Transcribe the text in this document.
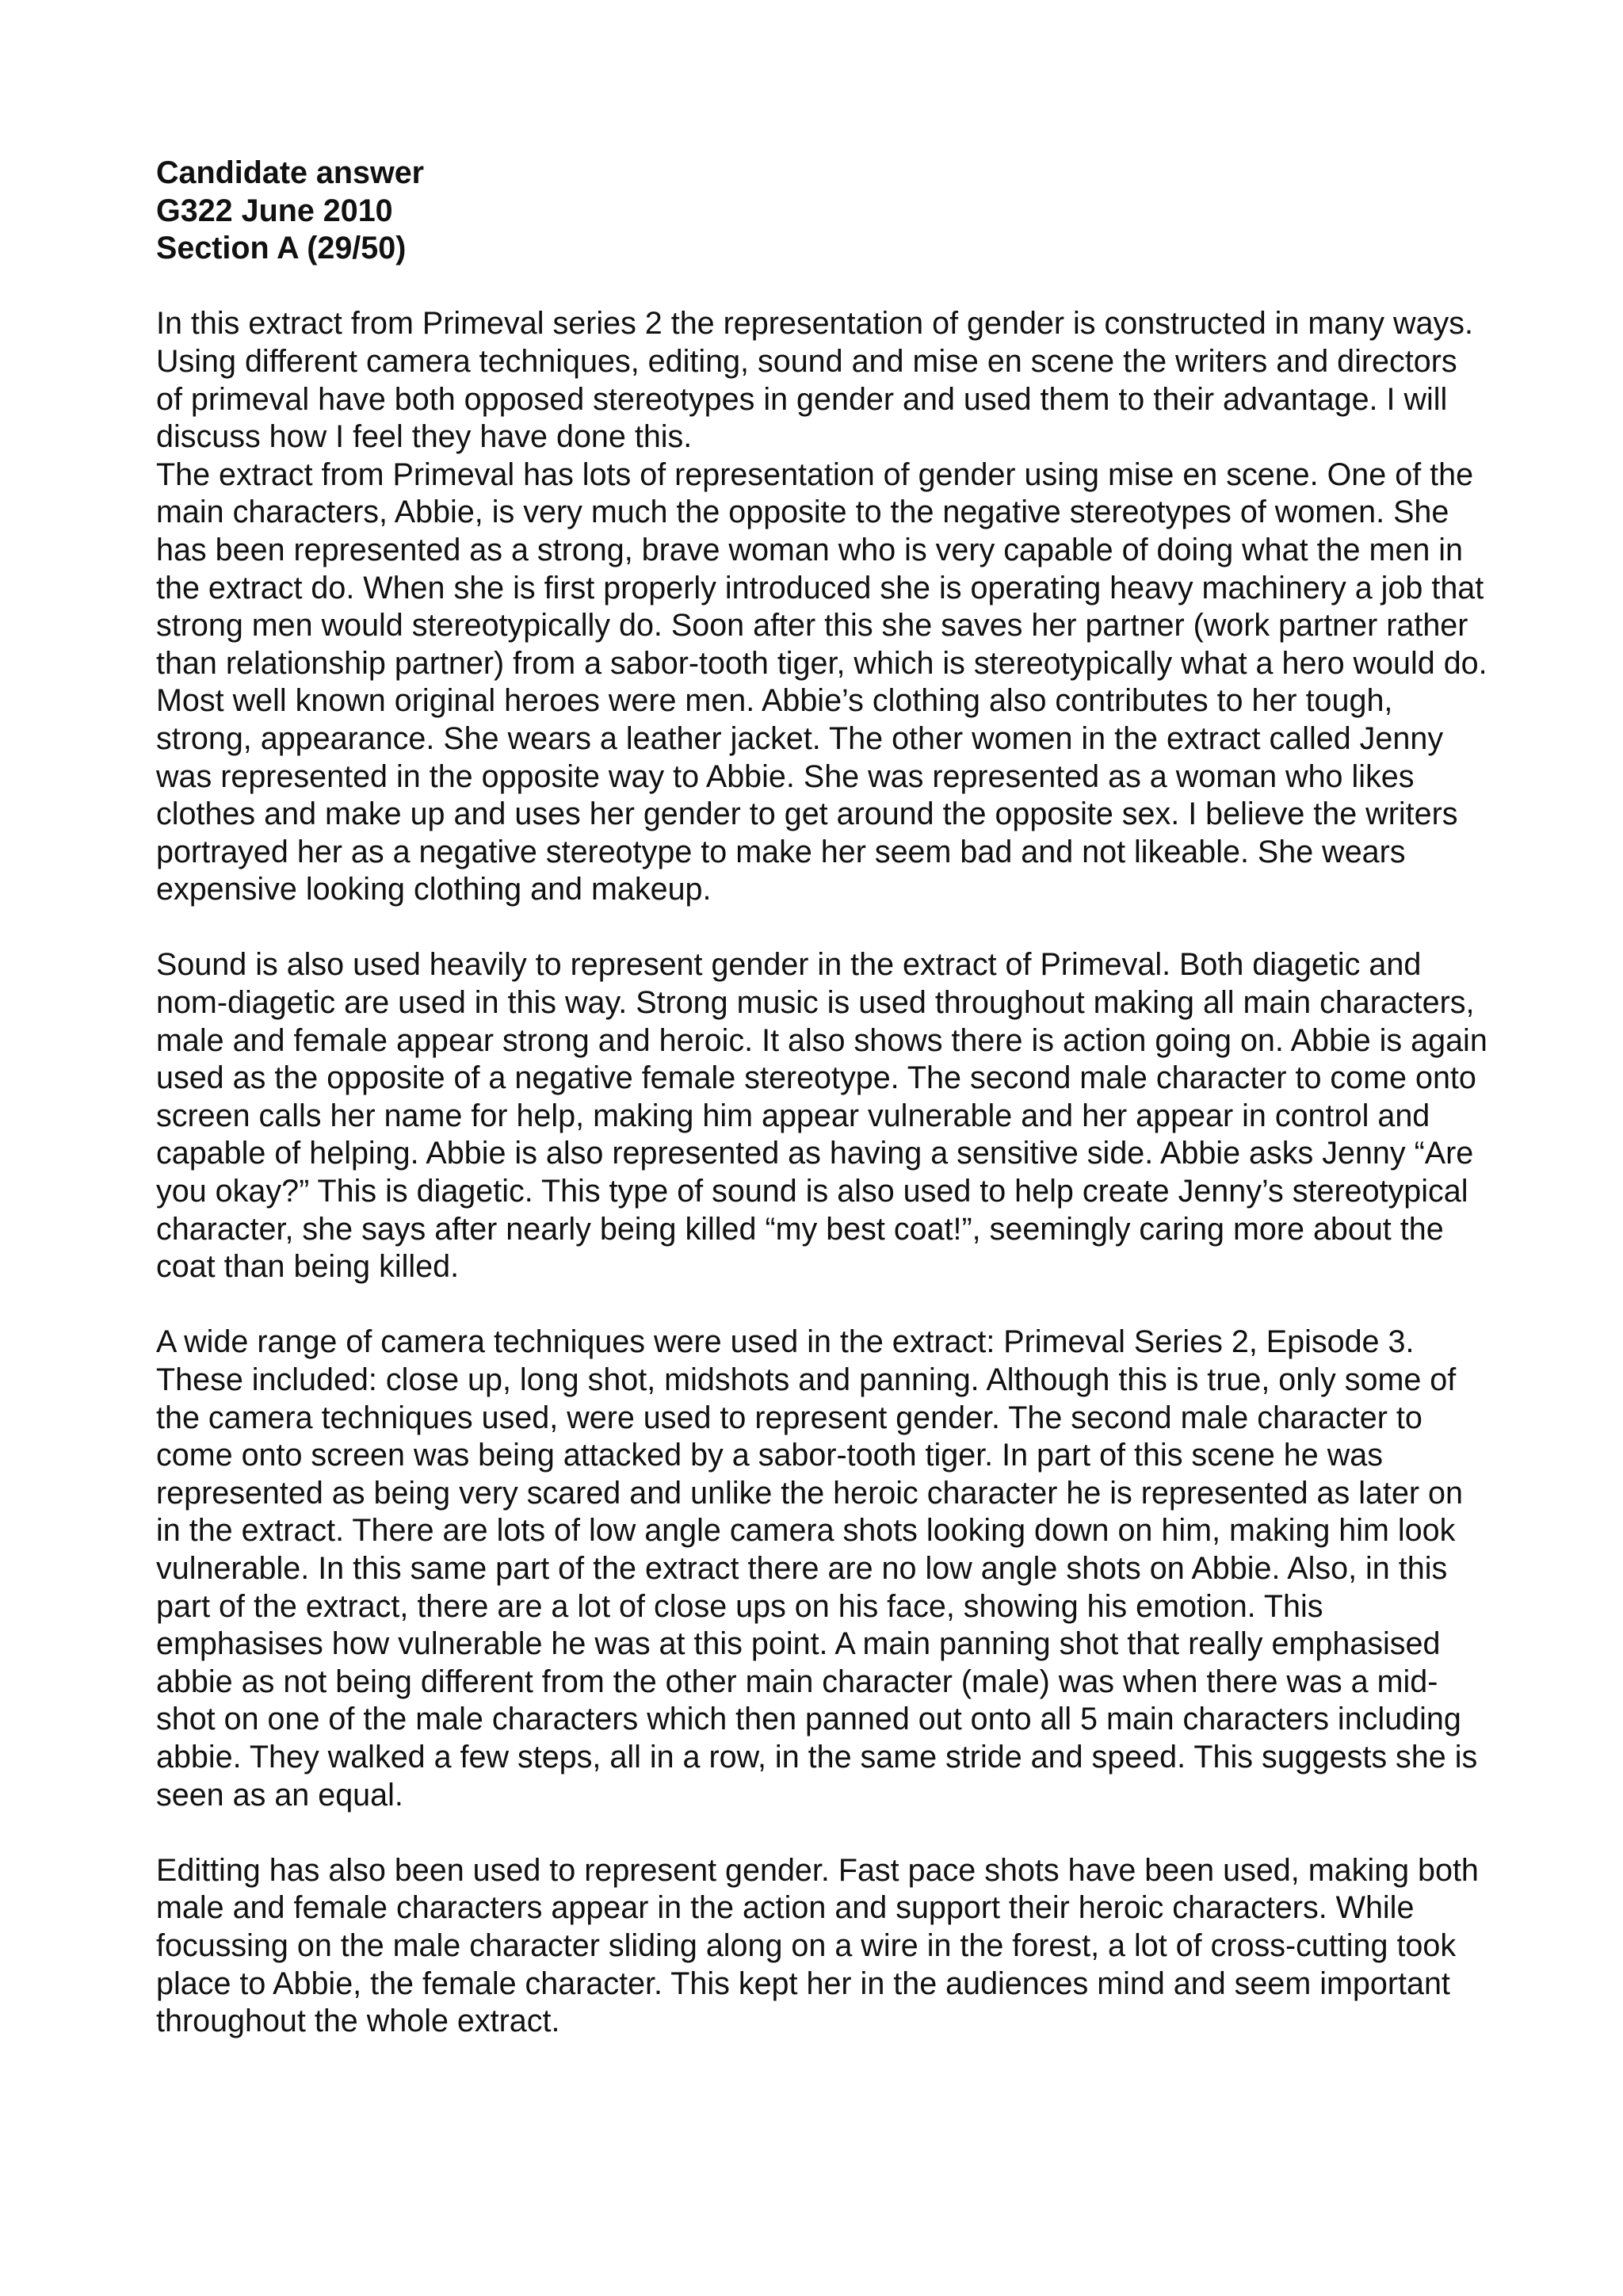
Candidate answer

G322 June 2010

Section A (29/50)

In this extract from Primeval series 2 the representation of gender is constructed in many ways. Using different camera techniques, editing, sound and mise en scene the writers and directors of primeval have both opposed stereotypes in gender and used them to their advantage. I will discuss how I feel they have done this.

The extract from Primeval has lots of representation of gender using mise en scene. One of the main characters, Abbie, is very much the opposite to the negative stereotypes of women. She has been represented as a strong, brave woman who is very capable of doing what the men in the extract do. When she is first properly introduced she is operating heavy machinery a job that strong men would stereotypically do. Soon after this she saves her partner (work partner rather than relationship partner) from a sabor-tooth tiger, which is stereotypically what a hero would do. Most well known original heroes were men. Abbie’s clothing also contributes to her tough, strong, appearance. She wears a leather jacket. The other women in the extract called Jenny was represented in the opposite way to Abbie. She was represented as a woman who likes clothes and make up and uses her gender to get around the opposite sex. I believe the writers portrayed her as a negative stereotype to make her seem bad and not likeable. She wears expensive looking clothing and makeup.

Sound is also used heavily to represent gender in the extract of Primeval. Both diagetic and nom-diagetic are used in this way. Strong music is used throughout making all main characters, male and female appear strong and heroic. It also shows there is action going on. Abbie is again used as the opposite of a negative female stereotype. The second male character to come onto screen calls her name for help, making him appear vulnerable and her appear in control and capable of helping. Abbie is also represented as having a sensitive side. Abbie asks Jenny “Are you okay?” This is diagetic. This type of sound is also used to help create Jenny’s stereotypical character, she says after nearly being killed “my best coat!”, seemingly caring more about the coat than being killed.

A wide range of camera techniques were used in the extract: Primeval Series 2, Episode 3. These included: close up, long shot, midshots and panning. Although this is true, only some of the camera techniques used, were used to represent gender. The second male character to come onto screen was being attacked by a sabor-tooth tiger. In part of this scene he was represented as being very scared and unlike the heroic character he is represented as later on in the extract. There are lots of low angle camera shots looking down on him, making him look vulnerable. In this same part of the extract there are no low angle shots on Abbie. Also, in this part of the extract, there are a lot of close ups on his face, showing his emotion. This emphasises how vulnerable he was at this point. A main panning shot that really emphasised abbie as not being different from the other main character (male) was when there was a mid-shot on one of the male characters which then panned out onto all 5 main characters including abbie. They walked a few steps, all in a row, in the same stride and speed. This suggests she is seen as an equal.

Editting has also been used to represent gender. Fast pace shots have been used, making both male and female characters appear in the action and support their heroic characters. While focussing on the male character sliding along on a wire in the forest, a lot of cross-cutting took place to Abbie, the female character. This kept her in the audiences mind and seem important throughout the whole extract.
